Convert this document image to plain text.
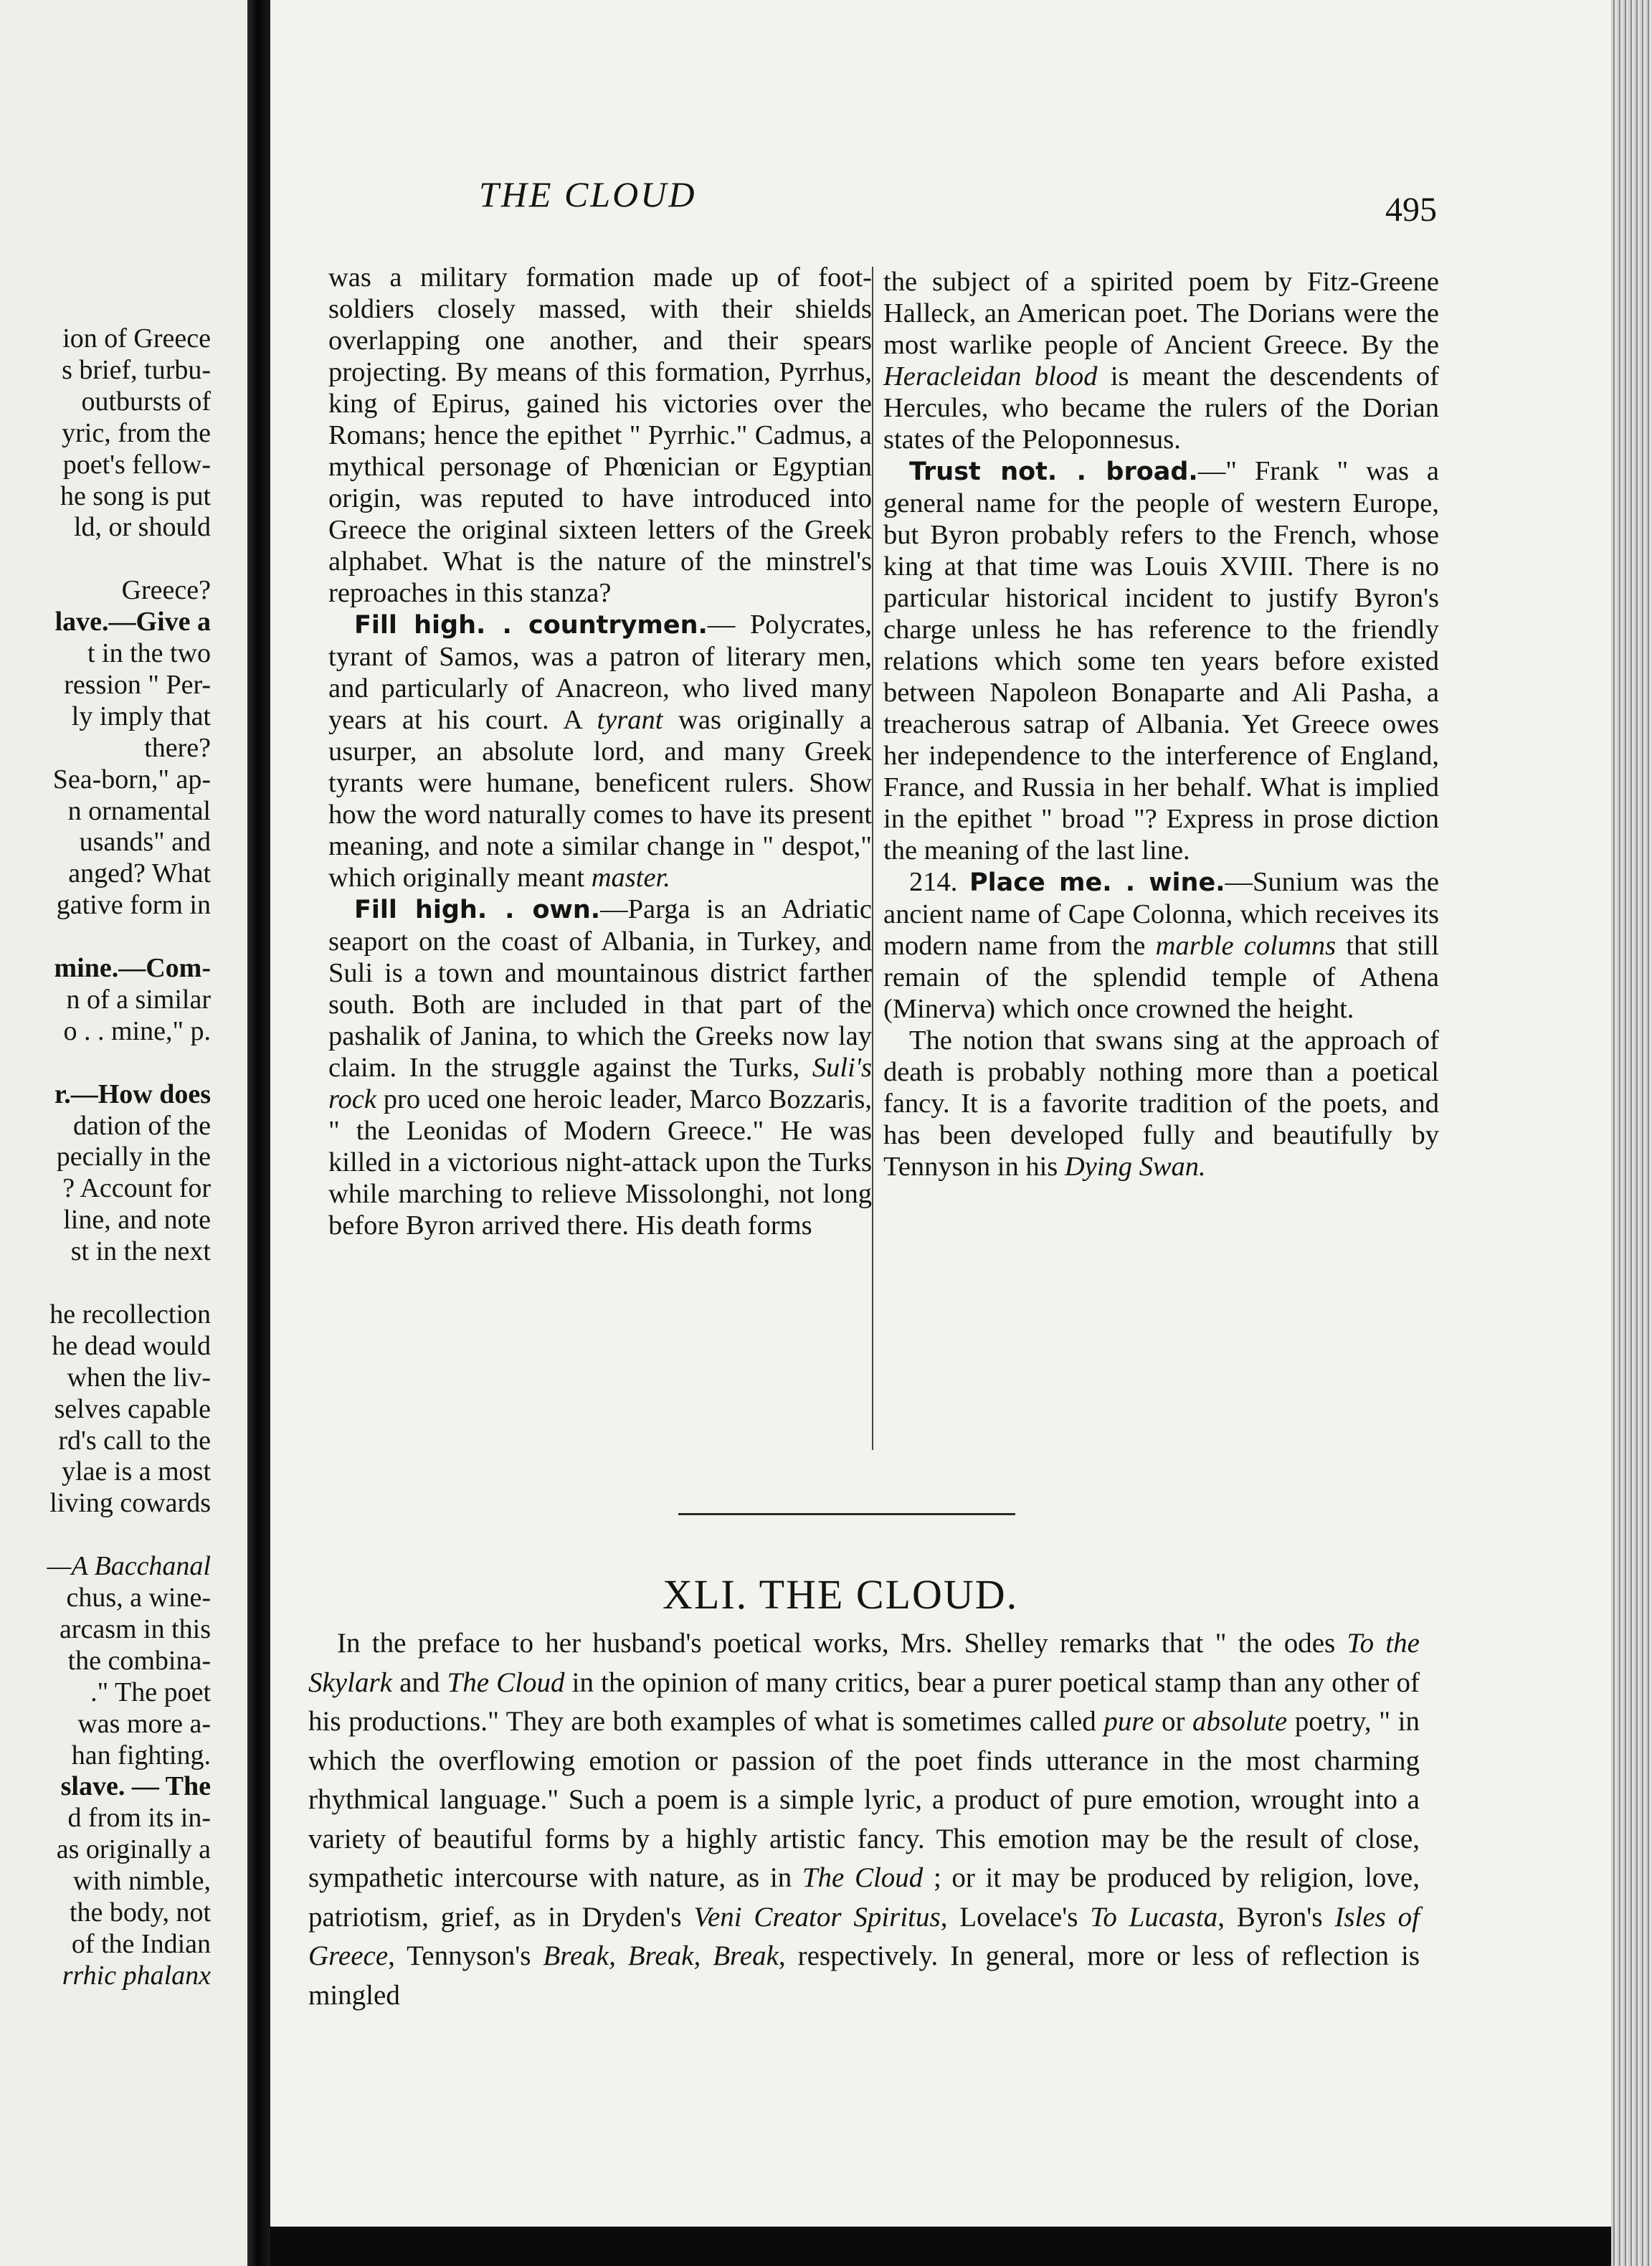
ion of Greece
s brief, turbu-
outbursts of
yric, from the
poet's fellow-
he song is put
ld, or should
Greece?
lave.—Give a
t in the two
ression " Per-
ly imply that
there?
Sea-born," ap-
n ornamental
usands" and
anged? What
gative form in
mine.—Com-
n of a similar
o . . mine," p.
r.—How does
dation of the
pecially in the
? Account for
line, and note
st in the next
he recollection
he dead would
when the liv-
selves capable
rd's call to the
ylae is a most
living cowards
—A Bacchanal
chus, a wine-
arcasm in this
the combina-
." The poet
was more a-
han fighting.
slave. — The
d from its in-
as originally a
with nimble,
the body, not
of the Indian
rrhic phalanx
THE CLOUD	495

was a military formation made up of foot-soldiers closely massed, with their shields overlapping one another, and their spears projecting. By means of this formation, Pyrrhus, king of Epirus, gained his victories over the Romans; hence the epithet " Pyrrhic." Cadmus, a mythical personage of Phœnician or Egyptian origin, was reputed to have introduced into Greece the original sixteen letters of the Greek alphabet. What is the nature of the minstrel's reproaches in this stanza?

Fill high. . countrymen.— Polycrates, tyrant of Samos, was a patron of literary men, and particularly of Anacreon, who lived many years at his court. A tyrant was originally a usurper, an absolute lord, and many Greek tyrants were humane, beneficent rulers. Show how the word naturally comes to have its present meaning, and note a similar change in " despot," which originally meant master.

Fill high. . own.—Parga is an Adriatic seaport on the coast of Albania, in Turkey, and Suli is a town and mountainous district farther south. Both are included in that part of the pashalik of Janina, to which the Greeks now lay claim. In the struggle against the Turks, Suli's rock pro uced one heroic leader, Marco Bozzaris, " the Leonidas of Modern Greece." He was killed in a victorious night-attack upon the Turks while marching to relieve Missolonghi, not long before Byron arrived there. His death forms

the subject of a spirited poem by Fitz-Greene Halleck, an American poet. The Dorians were the most warlike people of Ancient Greece. By the Heracleidan blood is meant the descendents of Hercules, who became the rulers of the Dorian states of the Peloponnesus.

Trust not. . broad.—" Frank " was a general name for the people of western Europe, but Byron probably refers to the French, whose king at that time was Louis XVIII. There is no particular historical incident to justify Byron's charge unless he has reference to the friendly relations which some ten years before existed between Napoleon Bonaparte and Ali Pasha, a treacherous satrap of Albania. Yet Greece owes her independence to the interference of England, France, and Russia in her behalf. What is implied in the epithet " broad "? Express in prose diction the meaning of the last line.

214. Place me. . wine.—Sunium was the ancient name of Cape Colonna, which receives its modern name from the marble columns that still remain of the splendid temple of Athena (Minerva) which once crowned the height.

The notion that swans sing at the approach of death is probably nothing more than a poetical fancy. It is a favorite tradition of the poets, and has been developed fully and beautifully by Tennyson in his Dying Swan.

XLI. THE CLOUD.

In the preface to her husband's poetical works, Mrs. Shelley remarks that " the odes To the Skylark and The Cloud in the opinion of many critics, bear a purer poetical stamp than any other of his productions." They are both examples of what is sometimes called pure or absolute poetry, " in which the overflowing emotion or passion of the poet finds utterance in the most charming rhythmical language." Such a poem is a simple lyric, a product of pure emotion, wrought into a variety of beautiful forms by a highly artistic fancy. This emotion may be the result of close, sympathetic intercourse with nature, as in The Cloud ; or it may be produced by religion, love, patriotism, grief, as in Dryden's Veni Creator Spiritus, Lovelace's To Lucasta, Byron's Isles of Greece, Tennyson's Break, Break, Break, respectively. In general, more or less of reflection is mingled
